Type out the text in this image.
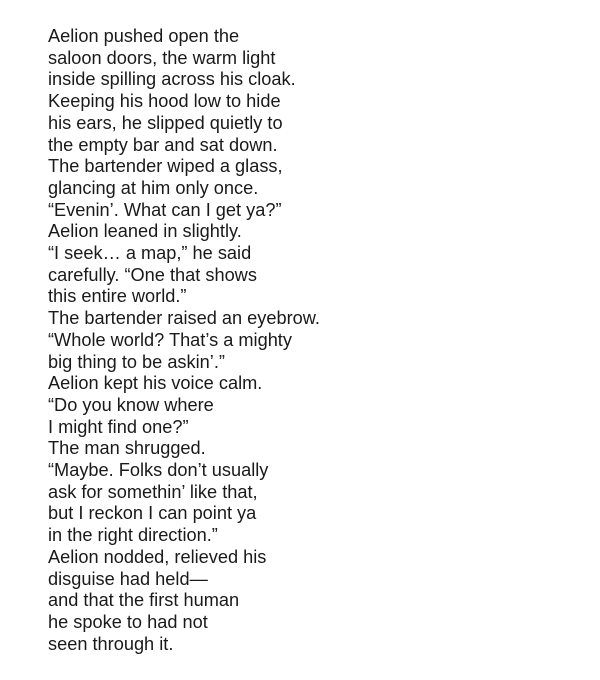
Aelion pushed open the
saloon doors, the warm light
inside spilling across his cloak.
Keeping his hood low to hide
his ears, he slipped quietly to
the empty bar and sat down.
The bartender wiped a glass,
glancing at him only once.
“Evenin’. What can I get ya?”
Aelion leaned in slightly.
“I seek… a map,” he said
carefully. “One that shows
this entire world.”
The bartender raised an eyebrow.
“Whole world? That’s a mighty
big thing to be askin’.”
Aelion kept his voice calm.
“Do you know where
I might find one?”
The man shrugged.
“Maybe. Folks don’t usually
ask for somethin’ like that,
but I reckon I can point ya
in the right direction.”
Aelion nodded, relieved his
disguise had held—
and that the first human
he spoke to had not
seen through it.
